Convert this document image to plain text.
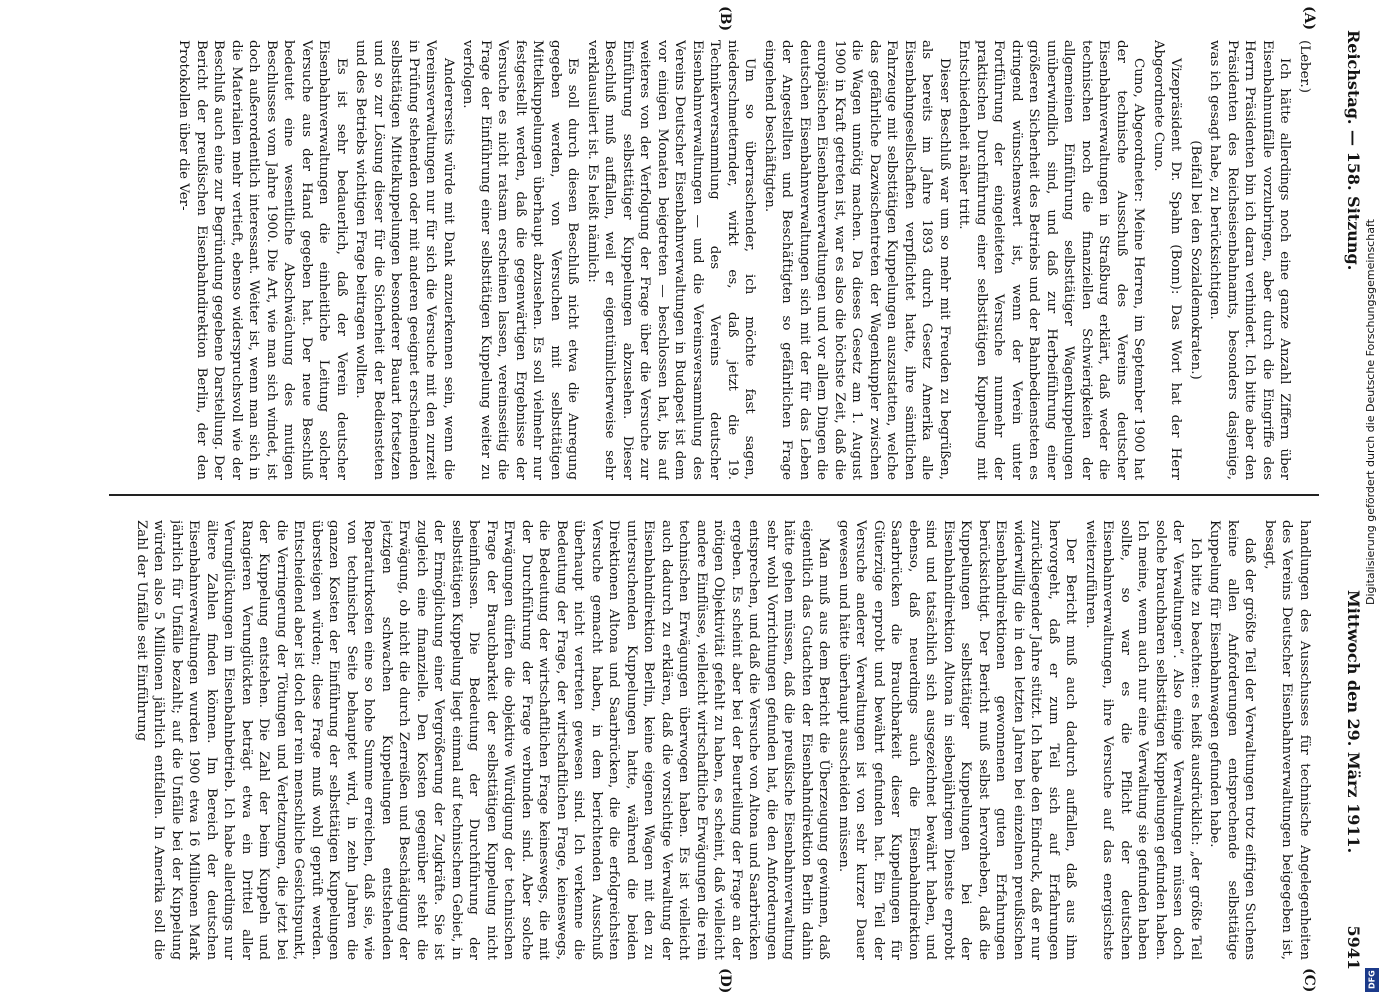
Reichstag. — 158. Sitzung.
Mittwoch den 29. März 1911.
5941
(A)
(B)
(C)
(D)

(Leber.)

Ich hätte allerdings noch eine ganze Anzahl Ziffern über Eisenbahnunfälle vorzubringen, aber durch die Eingriffe des Herrn Präsidenten bin ich daran verhindert. Ich bitte aber den Präsidenten des Reichseisenbahnamts, besonders dasjenige, was ich gesagt habe, zu berücksichtigen.

(Beifall bei den Sozialdemokraten.)

Vizepräsident Dr. Spahn (Bonn): Das Wort hat der Herr Abgeordnete Cuno.

Cuno, Abgeordneter: Meine Herren, im September 1900 hat der technische Ausschuß des Vereins deutscher Eisenbahnverwaltungen in Straßburg erklärt, daß weder die technischen noch die finanziellen Schwierigkeiten der allgemeinen Einführung selbsttätiger Wagenkuppelungen unüberwindlich sind, und daß zur Herbeiführung einer größeren Sicherheit des Betriebs und der Bahnbediensteten es dringend wünschenswert ist, wenn der Verein unter Fortführung der eingeleiteten Versuche nunmehr der praktischen Durchführung einer selbsttätigen Kuppelung mit Entschiedenheit näher tritt.

Dieser Beschluß war um so mehr mit Freuden zu begrüßen, als bereits im Jahre 1893 durch Gesetz Amerika alle Eisenbahngesellschaften verpflichtet hatte, ihre sämtlichen Fahrzeuge mit selbsttätigen Kuppelungen auszustatten, welche das gefährliche Dazwischentreten der Wagenkuppler zwischen die Wagen unnötig machen. Da dieses Gesetz am 1. August 1900 in Kraft getreten ist, war es also die höchste Zeit, daß die europäischen Eisenbahnverwaltungen und vor allem Dingen die deutschen Eisenbahnverwaltungen sich mit der für das Leben der Angestellten und Beschäftigten so gefährlichen Frage eingehend beschäftigten.

Um so überraschender, ich möchte fast sagen, niederschmetternder, wirkt es, daß jetzt die 19. Technikerversammlung des Vereins deutscher Eisenbahnverwaltungen — und die Vereinsversammlung des Vereins Deutscher Eisenbahnverwaltungen in Budapest ist dem vor einigen Monaten beigetreten — beschlossen hat, bis auf weiteres von der Verfolgung der Frage über die Versuche zur Einführung selbsttätiger Kuppelungen abzusehen. Dieser Beschluß muß auffallen, weil er eigentümlicherweise sehr verklausuliert ist. Es heißt nämlich:

Es soll durch diesen Beschluß nicht etwa die Anregung gegeben werden, von Versuchen mit selbsttätigen Mittelkuppelungen überhaupt abzusehen. Es soll vielmehr nur festgestellt werden, daß die gegenwärtigen Ergebnisse der Versuche es nicht ratsam erscheinen lassen, vereinsseitig die Frage der Einführung einer selbsttätigen Kuppelung weiter zu verfolgen.

Andererseits würde mit Dank anzuerkennen sein, wenn die Vereinsverwaltungen nur für sich die Versuche mit den zurzeit in Prüfung stehenden oder mit anderen geeignet erscheinenden selbsttätigen Mittelkuppelungen besonderer Bauart fortsetzen und so zur Lösung dieser für die Sicherheit der Bediensteten und des Betriebs wichtigen Frage beitragen wollten.

Es ist sehr bedauerlich, daß der Verein deutscher Eisenbahnverwaltungen die einheitliche Leitung solcher Versuche aus der Hand gegeben hat. Der neue Beschluß bedeutet eine wesentliche Abschwächung des mutigen Beschlusses vom Jahre 1900. Die Art, wie man sich windet, ist doch außerordentlich interessant. Weiter ist, wenn man sich in die Materialien mehr vertieft, ebenso widerspruchsvoll wie der Beschluß auch eine zur Begründung gegebene Darstellung. Der Bericht der preußischen Eisenbahndirektion Berlin, der den Protokollen über die Ver-

handlungen des Ausschusses für technische Angelegenheiten des Vereins Deutscher Eisenbahnverwaltungen beigegeben ist, besagt,

daß der größte Teil der Verwaltungen trotz eifrigen Suchens keine allen Anforderungen entsprechende selbsttätige Kuppelung für Eisenbahnwagen gefunden habe.

Ich bitte zu beachten: es heißt ausdrücklich: „der größte Teil der Verwaltungen“. Also einige Verwaltungen müssen doch solche brauchbaren selbsttätigen Kuppelungen gefunden haben. Ich meine, wenn auch nur eine Verwaltung sie gefunden haben sollte, so war es die Pflicht der deutschen Eisenbahnverwaltungen, ihre Versuche auf das energischste weiterzuführen.

Der Bericht muß auch dadurch auffallen, daß aus ihm hervorgeht, daß er zum Teil sich auf Erfahrungen zurückliegender Jahre stützt. Ich habe den Eindruck, daß er nur widerwillig die in den letzten Jahren bei einzelnen preußischen Eisenbahndirektionen gewonnenen guten Erfahrungen berücksichtigt. Der Bericht muß selbst hervorheben, daß die Kuppelungen selbsttätiger Kuppelungen bei der Eisenbahndirektion Altona in siebenjährigem Dienste erprobt sind und tatsächlich sich ausgezeichnet bewährt haben, und ebenso, daß neuerdings auch die Eisenbahndirektion Saarbrücken die Brauchbarkeit dieser Kuppelungen für Güterzüge erprobt und bewährt gefunden hat. Ein Teil der Versuche anderer Verwaltungen ist von sehr kurzer Dauer gewesen und hätte überhaupt ausscheiden müssen.

Man muß aus dem Bericht die Überzeugung gewinnen, daß eigentlich das Gutachten der Eisenbahndirektion Berlin dahin hätte gehen müssen, daß die preußische Eisenbahnverwaltung sehr wohl Vorrichtungen gefunden hat, die den Anforderungen entsprechen, und daß die Versuche von Altona und Saarbrücken ergeben. Es scheint aber bei der Beurteilung der Frage an der nötigen Objektivität gefehlt zu haben, es scheint, daß vielleicht andere Einflüsse, vielleicht wirtschaftliche Erwägungen die rein technischen Erwägungen überwogen haben. Es ist vielleicht auch dadurch zu erklären, daß die vorsichtige Verwaltung der Eisenbahndirektion Berlin, keine eigenen Wagen mit den zu untersuchenden Kuppelungen hatte, während die beiden Direktionen Altona und Saarbrücken, die die erfolgreichsten Versuche gemacht haben, in dem berichtenden Ausschuß überhaupt nicht vertreten gewesen sind. Ich verkenne die Bedeutung der Frage, der wirtschaftlichen Frage, keineswegs, die Bedeutung der wirtschaftlichen Frage keineswegs, die mit der Durchführung der Frage verbunden sind. Aber solche Erwägungen dürfen die objektive Würdigung der technischen Frage der Brauchbarkeit der selbsttätigen Kuppelung nicht beeinflussen. Die Bedeutung der Durchführung der selbsttätigen Kuppelung liegt einmal auf technischem Gebiet, in der Ermöglichung einer Vergrößerung der Zugkräfte. Sie ist zugleich eine finanzielle. Den Kosten gegenüber steht die Erwägung, ob nicht die durch Zerreißen und Beschädigung der jetzigen schwachen Kuppelungen entstehenden Reparaturkosten eine so hohe Summe erreichen, daß sie, wie von technischer Seite behauptet wird, in zehn Jahren die ganzen Kosten der Einführung der selbsttätigen Kuppelungen übersteigen würden; diese Frage muß wohl geprüft werden. Entscheidend aber ist doch der rein menschliche Gesichtspunkt, die Verringerung der Tötungen und Verletzungen, die jetzt bei der Kuppelung entstehen. Die Zahl der beim Kuppeln und Rangieren Verunglückten beträgt etwa ein Drittel aller Verunglückungen im Eisenbahnbetrieb. Ich habe allerdings nur ältere Zahlen finden können. Im Bereich der deutschen Eisenbahnverwaltungen wurden 1900 etwa 16 Millionen Mark jährlich für Unfälle bezahlt; auf die Unfälle bei der Kuppelung würden also 5 Millionen jährlich entfallen. In Amerika soll die Zahl der Unfälle seit Einführung

Digitalisierung gefördert durch die Deutsche Forschungsgemeinschaft
DFG
